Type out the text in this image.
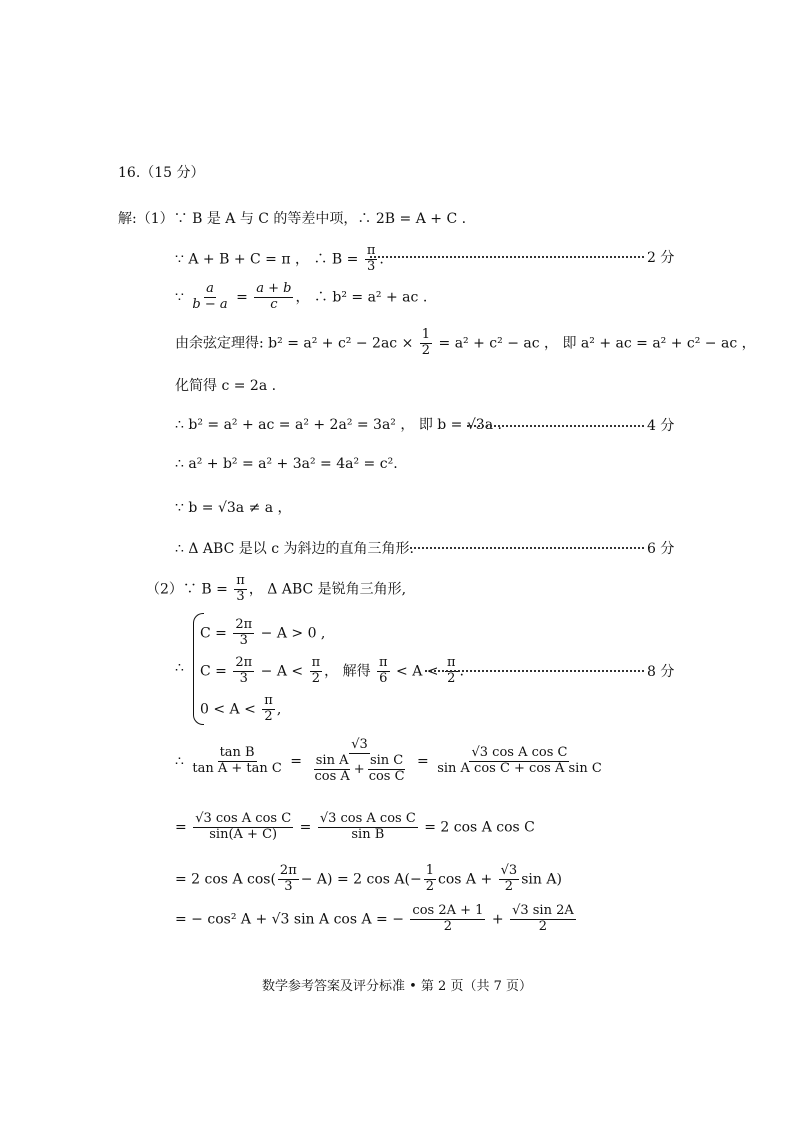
16.（15 分）
解:（1）∵ B 是 A 与 C 的等差中项，∴ 2B = A + C .
∵ A + B + C = π ， ∴ $B = \frac{\pi}{3}$ .	2 分
∵ $\frac{a}{b - a} = \frac{a + b}{c}$ ， ∴ b² = a² + ac .
由余弦定理得: $b^2 = a^2 + c^2 - 2ac \times \frac{1}{2} = a^2 + c^2$ − ac ， 即 a² + ac = a² + c² − ac ，
化简得 c = 2a .
∴ b² = a² + ac = a² + 2a² = 3a² ， 即 b = √3a .	4 分
∴ a² + b² = a² + 3a² = 4a² = c².
∵ b = √3a ≠ a ，
∴ Δ ABC 是以 c 为斜边的直角三角形.	6 分
（2）∵ $B = \frac{\pi}{3}$ ， Δ ABC 是锐角三角形,
∴
$C = \frac{2\pi}{3} - A > 0$ ,
$C = \frac{2\pi}{3} - A < \frac{\pi}{2}$ ， 解得 $\frac{\pi}{6} < A < \frac{\pi}{2}$ .	8 分
$0 < A < \frac{\pi}{2}$ ,
∴ $\frac{\text{tan B}}{\text{tan A + tan C}} = \frac{√3}{\frac{\text{sin A}}{\text{cos A}} + \frac{\text{sin C}}{\text{cos C}}} = \frac{\text{√3 cos A cos C}}{\text{sin A cos C + cos A sin C}}$
= $\frac{\text{√3 cos A cos C}}{\sin(A + C)} = \frac{\text{√3 cos A cos C}}{\text{sin B}} = 2$ cos A cos C
= 2 cos A $\cos( \frac{2\pi}{3} - A) = 2$ $\cos A(- \frac{1}{2}$ $\cos A + \frac{√3}{2}$ sin A)
= − cos² A + √3 sin A cos A = − $\frac{\cos 2A + 1}{2} + \frac{√3 \sin 2A}{2}$
数学参考答案及评分标准 • 第 2 页（共 7 页）
